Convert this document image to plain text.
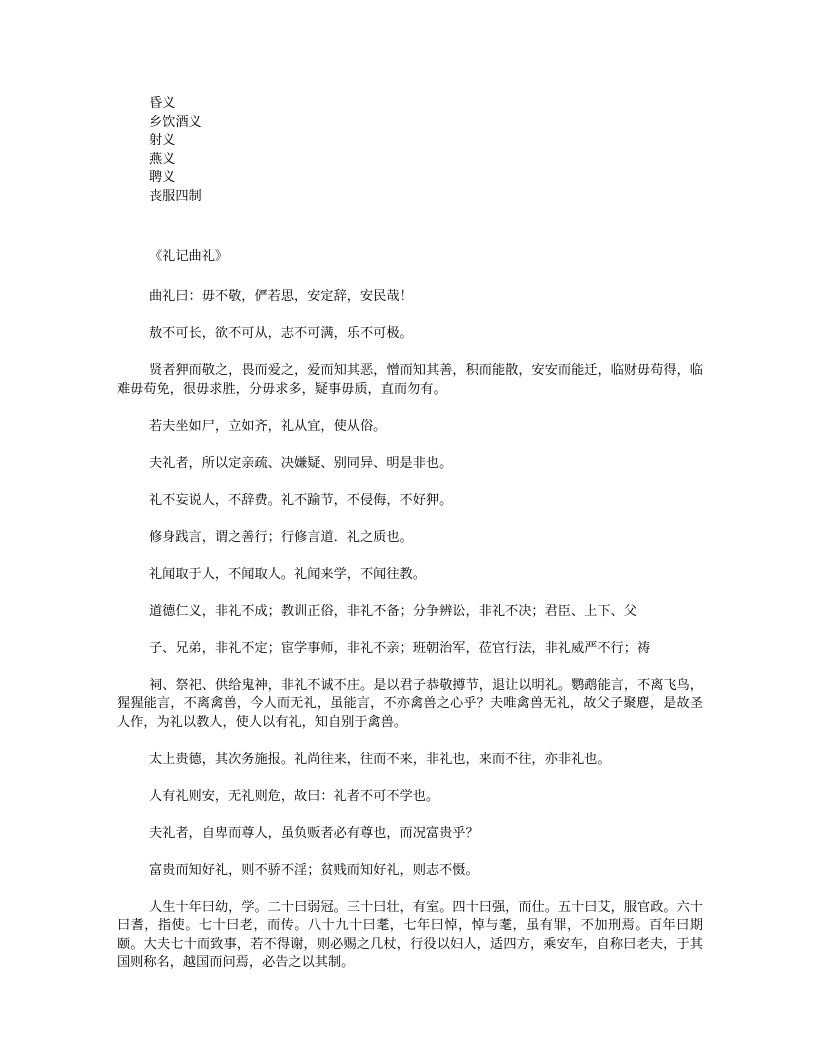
昏义
乡饮酒义
射义
燕义
聘义
丧服四制
《礼记曲礼》

曲礼曰：毋不敬，俨若思，安定辞，安民哉！

敖不可长，欲不可从，志不可满，乐不可极。

贤者狎而敬之，畏而爱之，爱而知其恶，憎而知其善，积而能散，安安而能迁，临财毋苟得，临难毋苟免，很毋求胜，分毋求多，疑事毋质，直而勿有。

若夫坐如尸，立如齐，礼从宜，使从俗。

夫礼者，所以定亲疏、决嫌疑、别同异、明是非也。

礼不妄说人，不辞费。礼不踰节，不侵侮，不好狎。

修身践言，谓之善行；行修言道．礼之质也。

礼闻取于人，不闻取人。礼闻来学，不闻往教。

道德仁义，非礼不成；教训正俗，非礼不备；分争辨讼，非礼不决；君臣、上下、父

子、兄弟，非礼不定；宦学事师，非礼不亲；班朝治军，莅官行法，非礼威严不行；祷

祠、祭祀、供给鬼神，非礼不诚不庄。是以君子恭敬撙节，退让以明礼。鹦鹉能言，不离飞鸟，猩猩能言，不离禽兽，今人而无礼，虽能言，不亦禽兽之心乎？夫唯禽兽无礼，故父子聚麀，是故圣人作，为礼以教人，使人以有礼，知自别于禽兽。

太上贵德，其次务施报。礼尚往来，往而不来，非礼也，来而不往，亦非礼也。

人有礼则安，无礼则危，故曰：礼者不可不学也。

夫礼者，自卑而尊人，虽负贩者必有尊也，而况富贵乎？

富贵而知好礼，则不骄不淫；贫贱而知好礼，则志不慑。

人生十年曰幼，学。二十曰弱冠。三十曰壮，有室。四十曰强，而仕。五十曰艾，服官政。六十曰耆，指使。七十曰老，而传。八十九十曰耄，七年曰悼，悼与耄，虽有罪，不加刑焉。百年曰期颐。大夫七十而致事，若不得谢，则必赐之几杖，行役以妇人，适四方，乘安车，自称曰老夫，于其国则称名，越国而问焉，必告之以其制。
